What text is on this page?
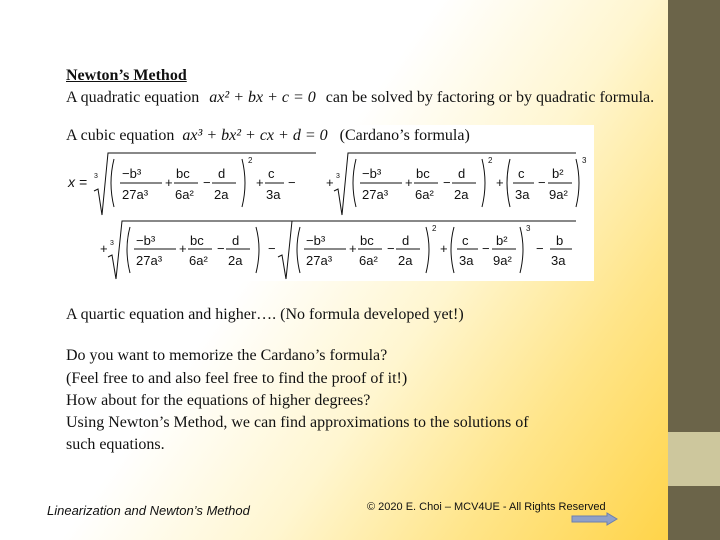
Newton’s Method
A quadratic equation ax² + bx + c = 0 can be solved by factoring or by quadratic formula.
A cubic equation ax³ + bx² + cx + d = 0 (Cardano’s formula)
x = 3 −b³
27a³
+
bc
6a²
−
d
2a
2
+
c
3a
− + 3 −b³
27a³
+
bc
6a²
−
d
2a
2
+
c
3a
−
b²
9a²
3
+ 3 −b³
27a³
+
bc
6a²
−
d
2a
−
−b³
27a³
+
bc
6a²
−
d
2a
2
+
c
3a
−
b²
9a²
3
−
b
3a
A quartic equation and higher…. (No formula developed yet!)
Do you want to memorize the Cardano’s formula?
(Feel free to and also feel free to find the proof of it!)
How about for the equations of higher degrees?
Using Newton’s Method, we can find approximations to the solutions of
such equations.
Linearization and Newton’s Method	© 2020 E. Choi – MCV4UE - All Rights Reserved
